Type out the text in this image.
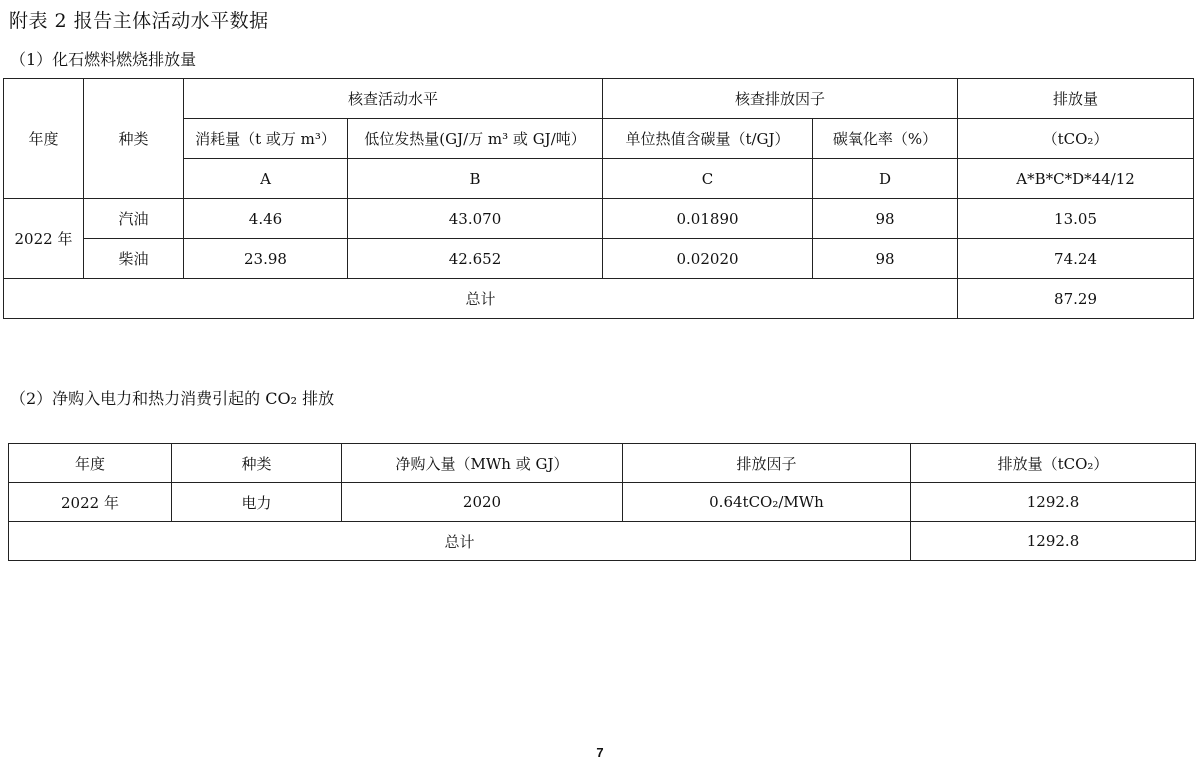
附表 2 报告主体活动水平数据
（1）化石燃料燃烧排放量
年度	种类	核查活动水平		核查排放因子		排放量
		消耗量（t 或万 m³）	低位发热量(GJ/万 m³ 或 GJ/吨）	单位热值含碳量（t/GJ）	碳氧化率（%）	（tCO₂）
		A	B	C	D	A*B*C*D*44/12
2022 年	汽油	4.46	43.070	0.01890	98	13.05
	柴油	23.98	42.652	0.02020	98	74.24
总计						87.29
（2）净购入电力和热力消费引起的 CO₂ 排放
年度	种类	净购入量（MWh 或 GJ）	排放因子	排放量（tCO₂）
2022 年	电力	2020	0.64tCO₂/MWh	1292.8
总计				1292.8
7
